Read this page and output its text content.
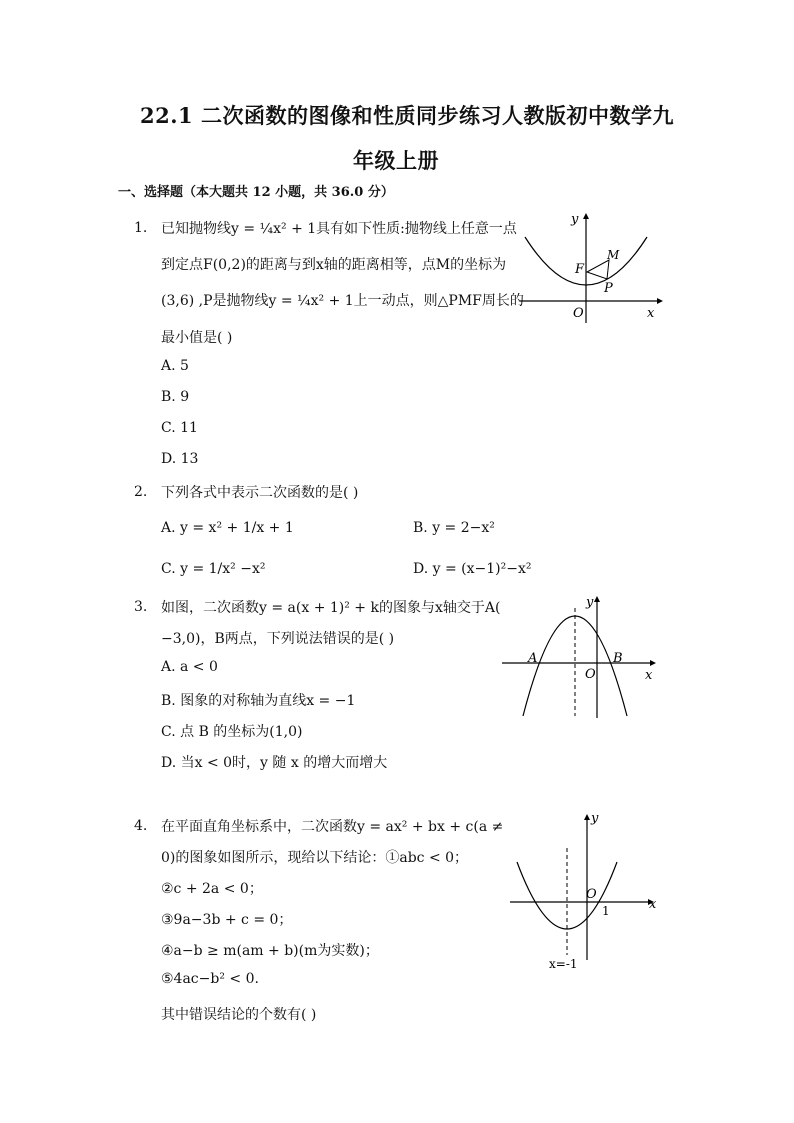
22.1 二次函数的图像和性质同步练习人教版初中数学九
年级上册
一、选择题（本大题共 12 小题，共 36.0 分）
1. 已知抛物线y = ¼x² + 1具有如下性质:抛物线上任意一点
到定点F(0,2)的距离与到x轴的距离相等，点M的坐标为
(3,6) ,P是抛物线y = ¼x² + 1上一动点，则△PMF周长的
最小值是( )
A. 5
B. 9
C. 11
D. 13
y
x
O
F
M
P
2. 下列各式中表示二次函数的是( )
A. y = x² + 1/x + 1	B. y = 2−x²
C. y = 1/x² −x²	D. y = (x−1)²−x²
3. 如图，二次函数y = a(x + 1)² + k的图象与x轴交于A(
−3,0)，B两点，下列说法错误的是( )
A. a < 0
B. 图象的对称轴为直线x = −1
C. 点 B 的坐标为(1,0)
D. 当x < 0时，y 随 x 的增大而增大
y
x
O
A	B
4. 在平面直角坐标系中，二次函数y = ax² + bx + c(a ≠
0)的图象如图所示，现给以下结论：①abc < 0；
②c + 2a < 0；
③9a−3b + c = 0；
④a−b ≥ m(am + b)(m为实数)；
⑤4ac−b² < 0.
其中错误结论的个数有( )
y
x
O
1
x=-1
